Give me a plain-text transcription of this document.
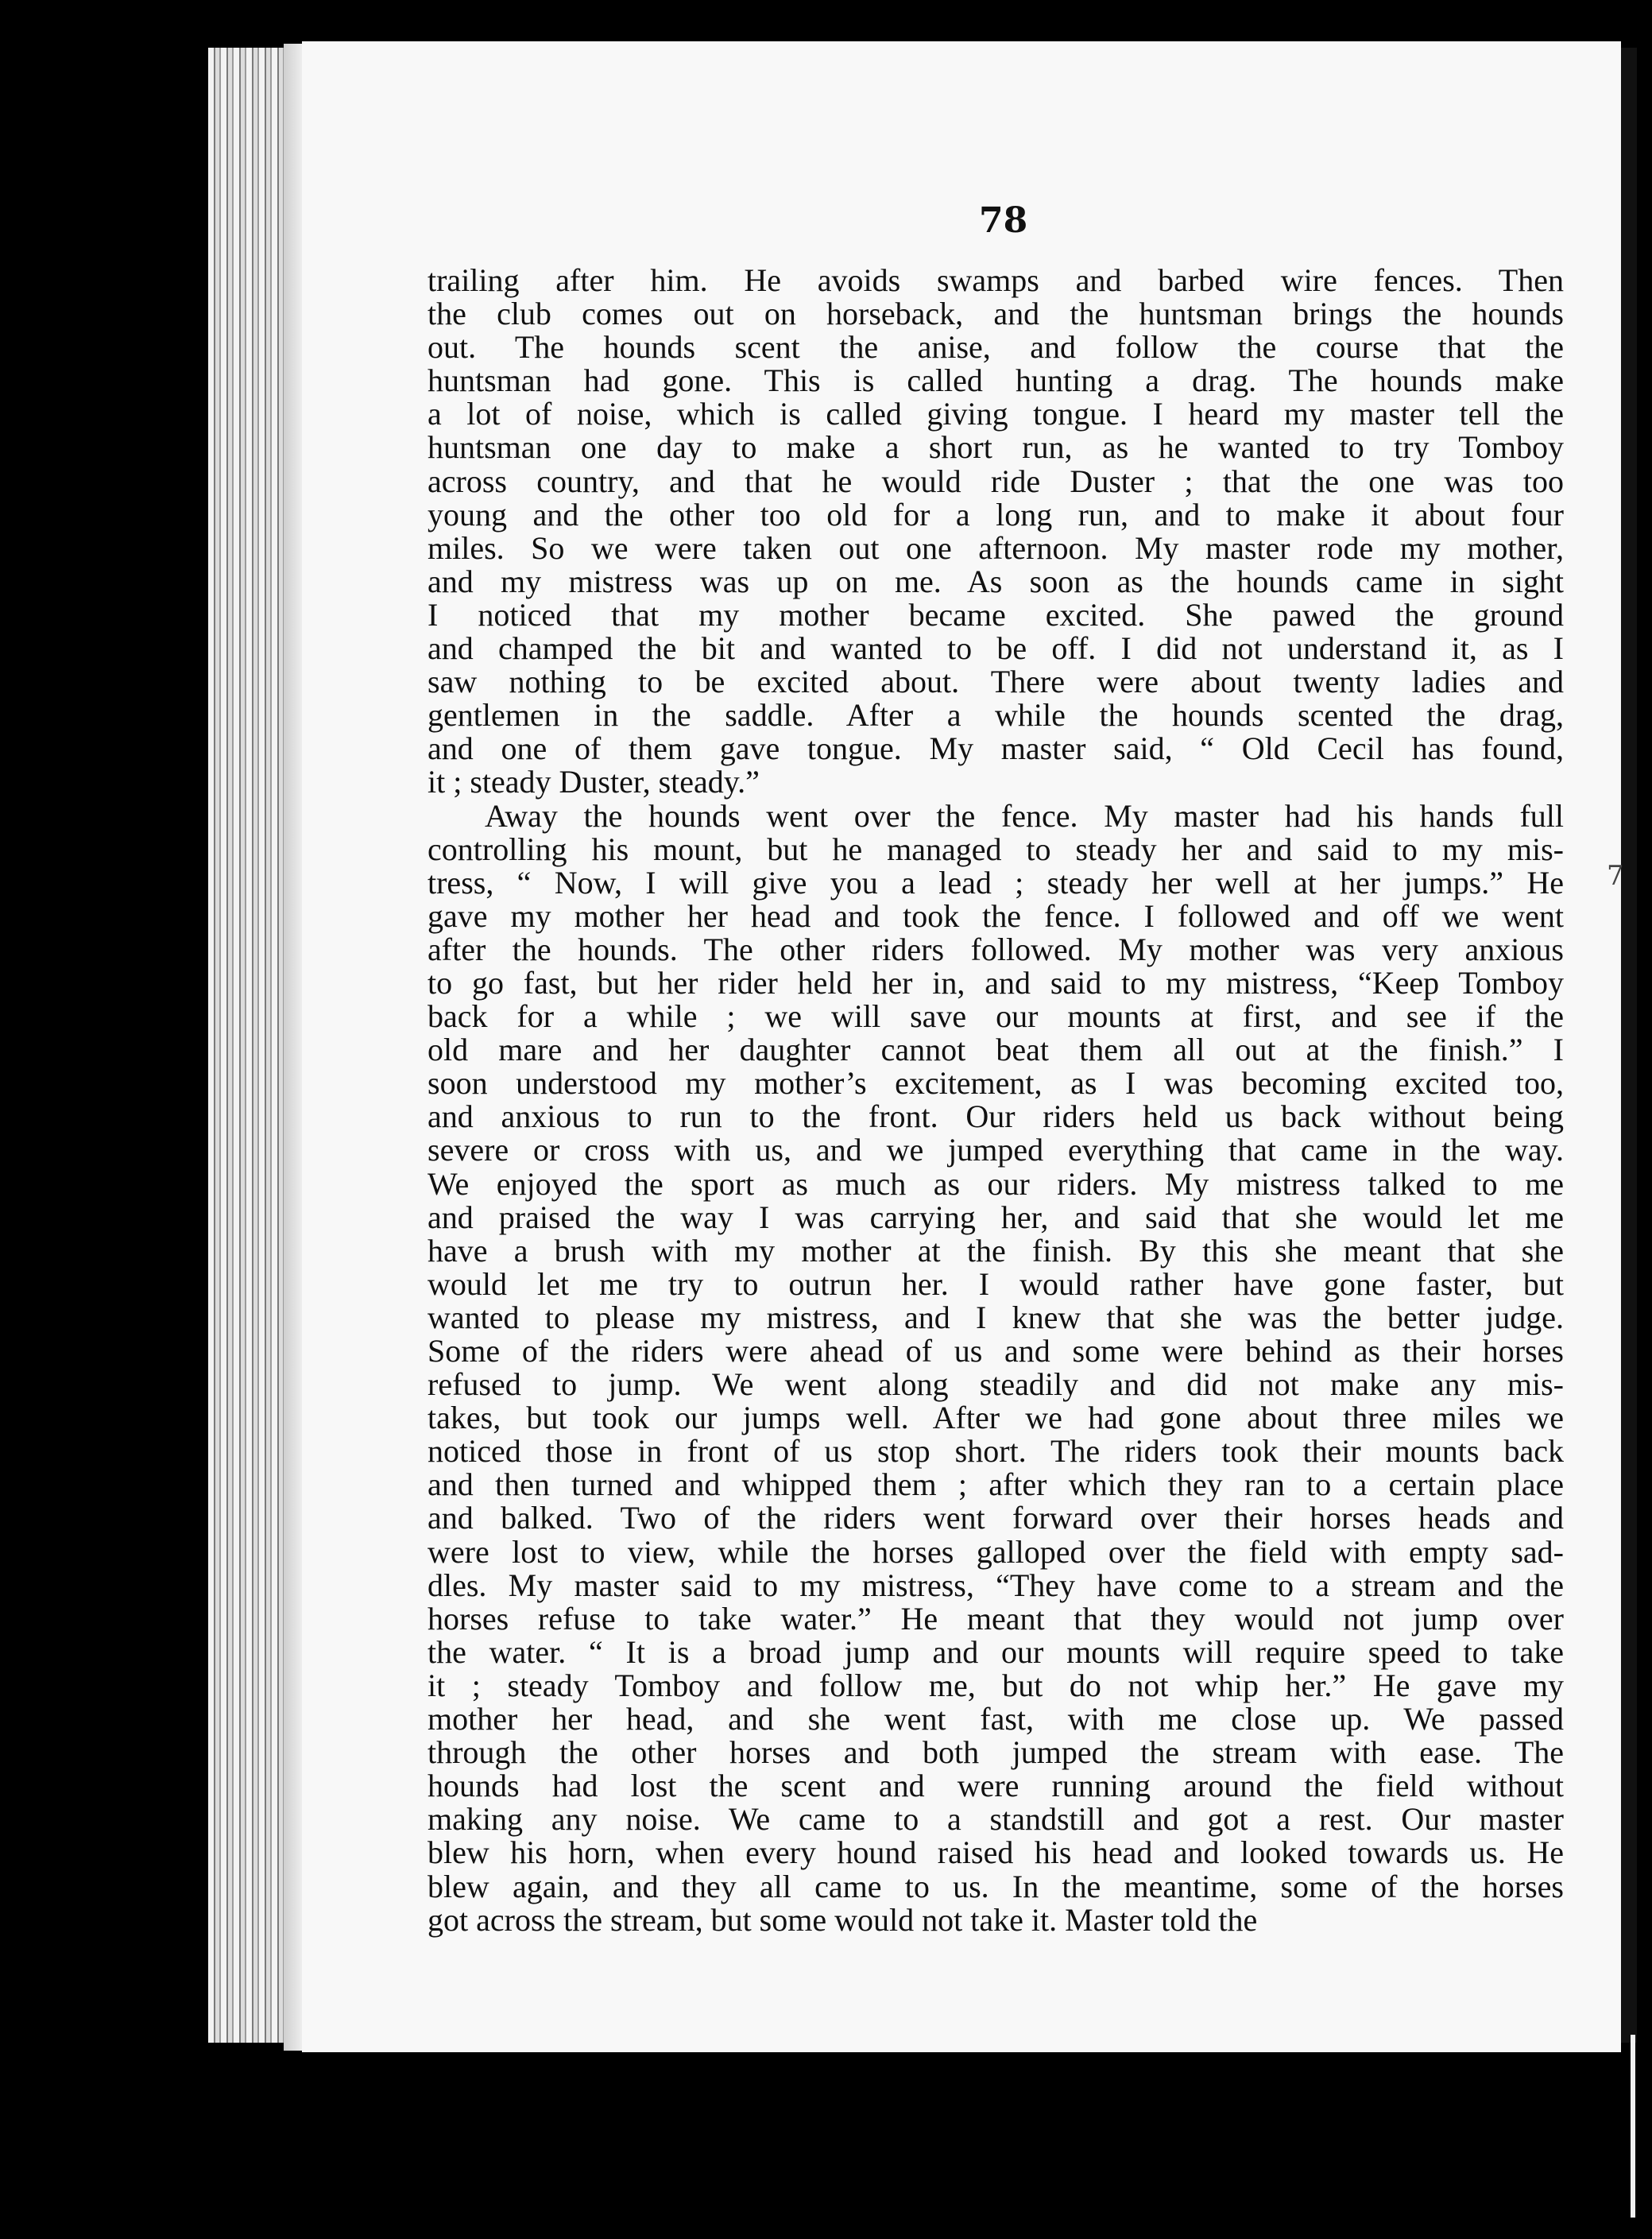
7
78
trailing after him. He avoids swamps and barbed wire fences. Then
the club comes out on horseback, and the huntsman brings the hounds
out. The hounds scent the anise, and follow the course that the
huntsman had gone. This is called hunting a drag. The hounds make
a lot of noise, which is called giving tongue. I heard my master tell the
huntsman one day to make a short run, as he wanted to try Tomboy
across country, and that he would ride Duster ; that the one was too
young and the other too old for a long run, and to make it about four
miles. So we were taken out one afternoon. My master rode my mother,
and my mistress was up on me. As soon as the hounds came in sight
I noticed that my mother became excited. She pawed the ground
and champed the bit and wanted to be off. I did not understand it, as I
saw nothing to be excited about. There were about twenty ladies and
gentlemen in the saddle. After a while the hounds scented the drag,
and one of them gave tongue. My master said, “ Old Cecil has found,
it ; steady Duster, steady.”
Away the hounds went over the fence. My master had his hands full
controlling his mount, but he managed to steady her and said to my mis-
tress, “ Now, I will give you a lead ; steady her well at her jumps.” He
gave my mother her head and took the fence. I followed and off we went
after the hounds. The other riders followed. My mother was very anxious
to go fast, but her rider held her in, and said to my mistress, “Keep Tomboy
back for a while ; we will save our mounts at first, and see if the
old mare and her daughter cannot beat them all out at the finish.” I
soon understood my mother’s excitement, as I was becoming excited too,
and anxious to run to the front. Our riders held us back without being
severe or cross with us, and we jumped everything that came in the way.
We enjoyed the sport as much as our riders. My mistress talked to me
and praised the way I was carrying her, and said that she would let me
have a brush with my mother at the finish. By this she meant that she
would let me try to outrun her. I would rather have gone faster, but
wanted to please my mistress, and I knew that she was the better judge.
Some of the riders were ahead of us and some were behind as their horses
refused to jump. We went along steadily and did not make any mis-
takes, but took our jumps well. After we had gone about three miles we
noticed those in front of us stop short. The riders took their mounts back
and then turned and whipped them ; after which they ran to a certain place
and balked. Two of the riders went forward over their horses heads and
were lost to view, while the horses galloped over the field with empty sad-
dles. My master said to my mistress, “They have come to a stream and the
horses refuse to take water.” He meant that they would not jump over
the water. “ It is a broad jump and our mounts will require speed to take
it ; steady Tomboy and follow me, but do not whip her.” He gave my
mother her head, and she went fast, with me close up. We passed
through the other horses and both jumped the stream with ease. The
hounds had lost the scent and were running around the field without
making any noise. We came to a standstill and got a rest. Our master
blew his horn, when every hound raised his head and looked towards us. He
blew again, and they all came to us. In the meantime, some of the horses
got across the stream, but some would not take it. Master told the
